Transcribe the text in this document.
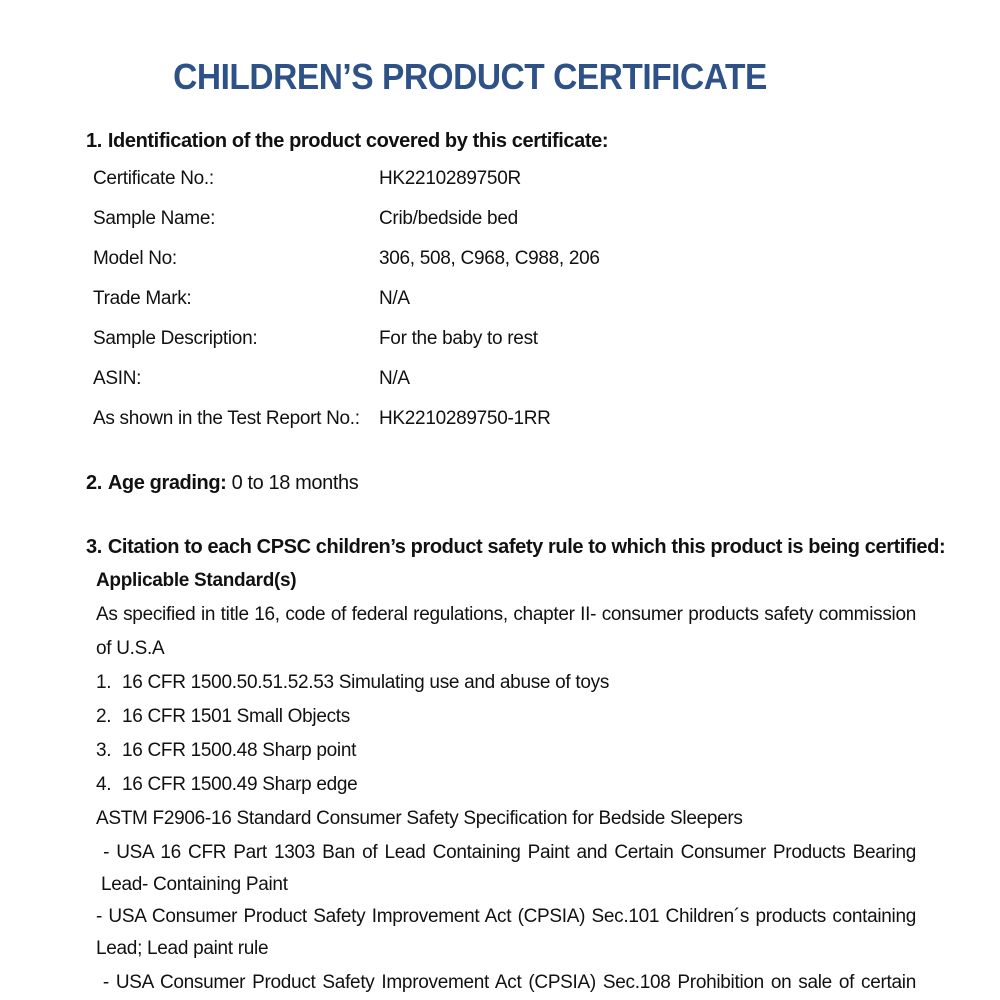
CHILDREN’S PRODUCT CERTIFICATE
1. Identification of the product covered by this certificate:
Certificate No.:	HK2210289750R
Sample Name:	Crib/bedside bed
Model No:	306, 508, C968, C988, 206
Trade Mark:	N/A
Sample Description:	For the baby to rest
ASIN:	N/A
As shown in the Test Report No.: HK2210289750-1RR
2. Age grading: 0 to 18 months
3. Citation to each CPSC children’s product safety rule to which this product is being certified:
Applicable Standard(s)
As specified in title 16, code of federal regulations, chapter II- consumer products safety commission
of U.S.A
1. 16 CFR 1500.50.51.52.53 Simulating use and abuse of toys
2. 16 CFR 1501 Small Objects
3. 16 CFR 1500.48 Sharp point
4. 16 CFR 1500.49 Sharp edge
ASTM F2906-16 Standard Consumer Safety Specification for Bedside Sleepers
- USA 16 CFR Part 1303 Ban of Lead Containing Paint and Certain Consumer Products Bearing
Lead- Containing Paint
- USA Consumer Product Safety Improvement Act (CPSIA) Sec.101 Children´s products containing
Lead; Lead paint rule
- USA Consumer Product Safety Improvement Act (CPSIA) Sec.108 Prohibition on sale of certain
